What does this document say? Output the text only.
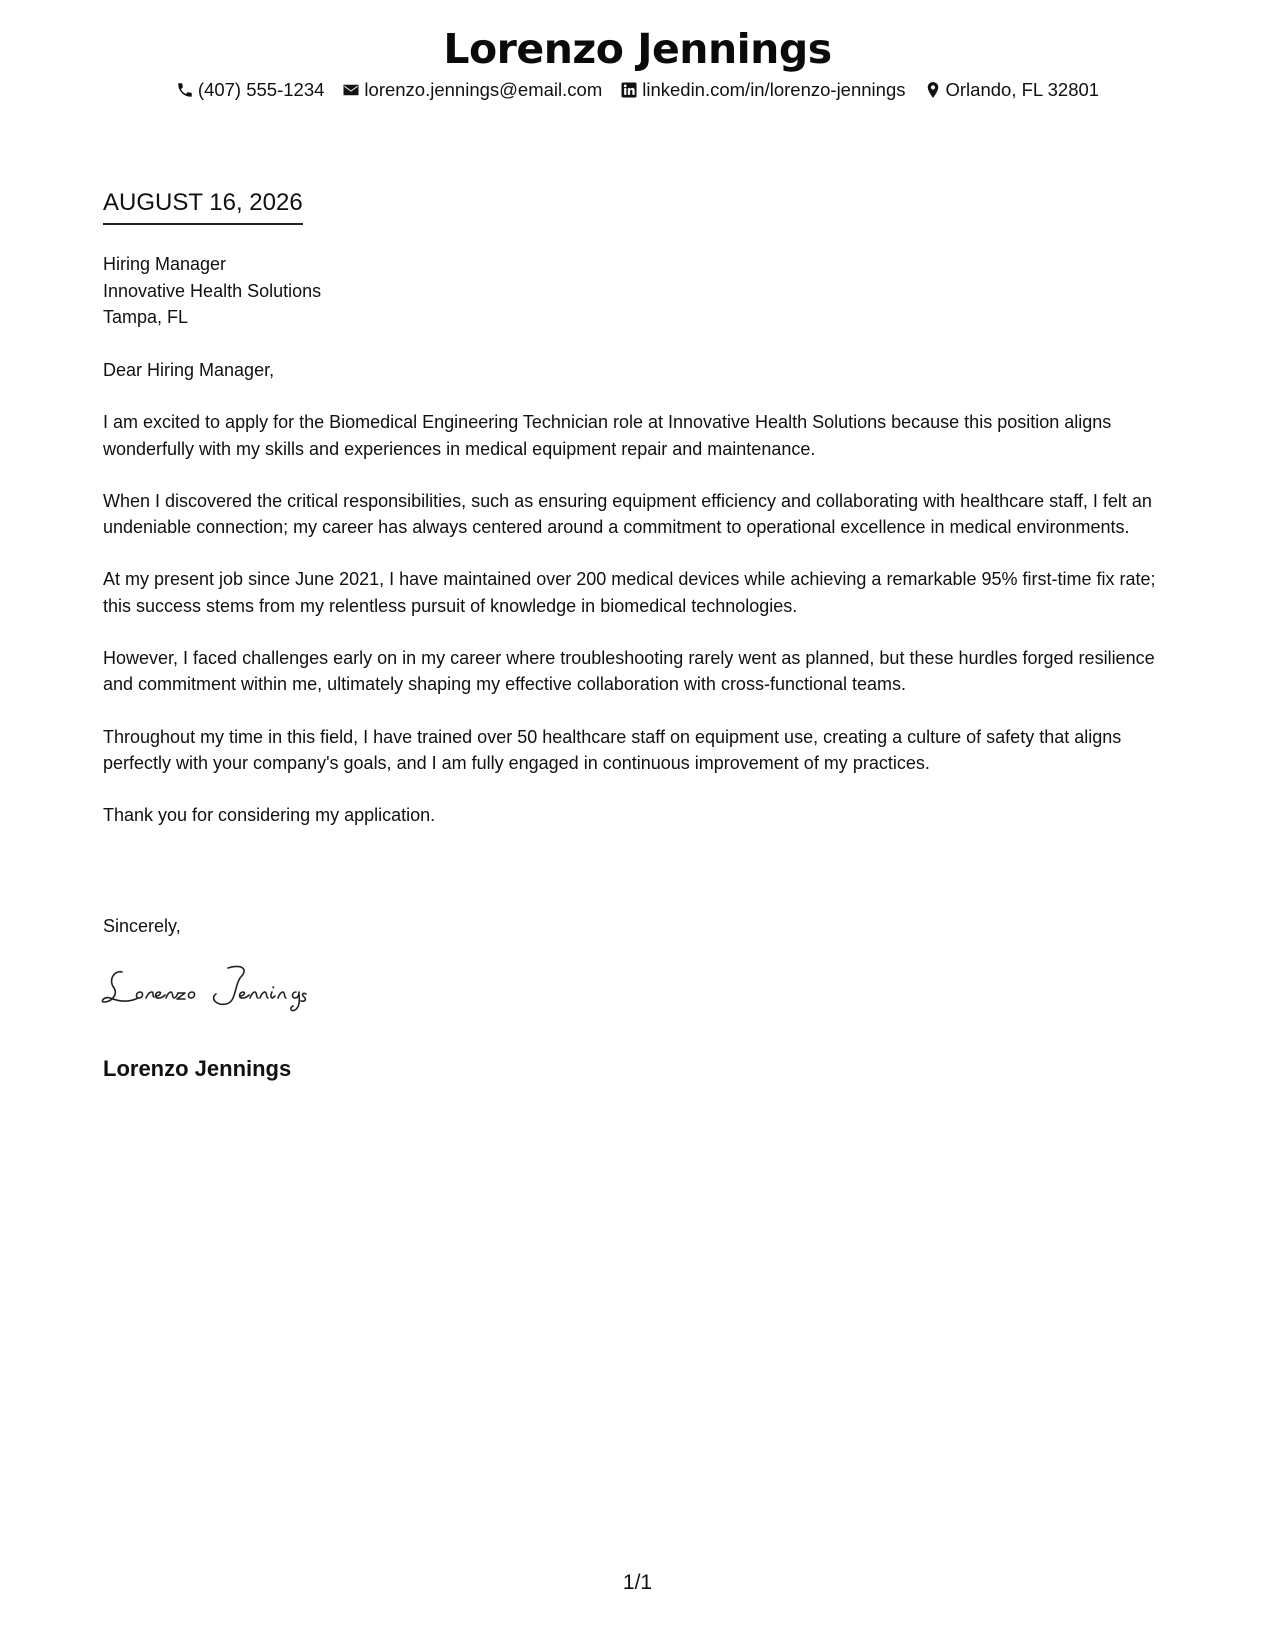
Lorenzo Jennings
(407) 555-1234 lorenzo.jennings@email.com linkedin.com/in/lorenzo-jennings Orlando, FL 32801
AUGUST 16, 2026
Hiring Manager
Innovative Health Solutions
Tampa, FL

Dear Hiring Manager,

I am excited to apply for the Biomedical Engineering Technician role at Innovative Health Solutions because this position aligns wonderfully with my skills and experiences in medical equipment repair and maintenance.

When I discovered the critical responsibilities, such as ensuring equipment efficiency and collaborating with healthcare staff, I felt an undeniable connection; my career has always centered around a commitment to operational excellence in medical environments.

At my present job since June 2021, I have maintained over 200 medical devices while achieving a remarkable 95% first-time fix rate; this success stems from my relentless pursuit of knowledge in biomedical technologies.

However, I faced challenges early on in my career where troubleshooting rarely went as planned, but these hurdles forged resilience and commitment within me, ultimately shaping my effective collaboration with cross-functional teams.

Throughout my time in this field, I have trained over 50 healthcare staff on equipment use, creating a culture of safety that aligns perfectly with your company's goals, and I am fully engaged in continuous improvement of my practices.

Thank you for considering my application.

Sincerely,
Lorenzo Jennings
1/1
